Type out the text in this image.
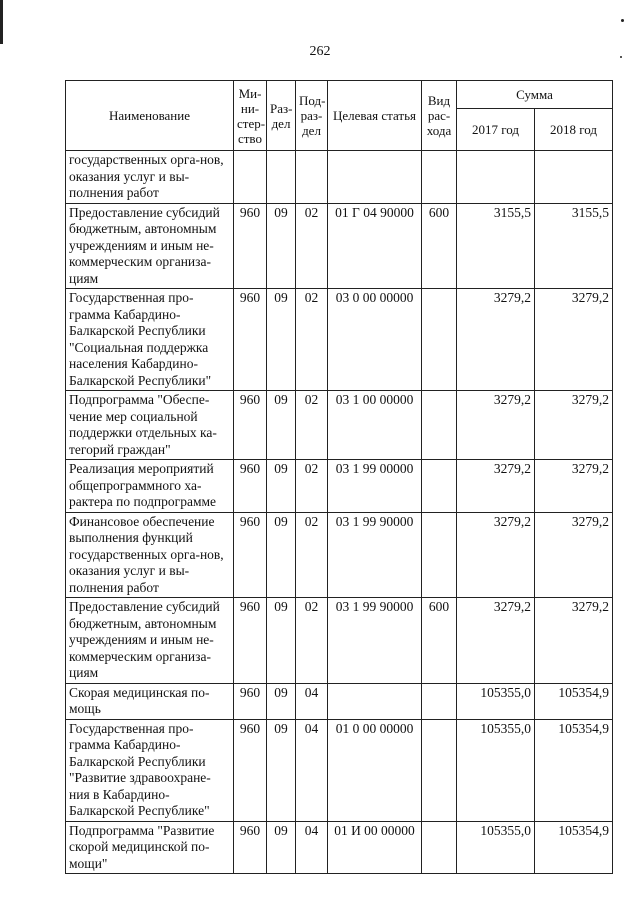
262
Наименование	Ми-ни-стер-ство	Раз-дел	Под-раз-дел	Целевая статья	Вид рас-хода	Сумма	
						2017 год	2018 год
государственных орга-нов, оказания услуг и вы-полнения работ							
Предоставление субсидий бюджетным, автономным учреждениям и иным не-коммерческим организа-циям	960	09	02	01 Г 04 90000	600	3155,5	3155,5
Государственная про-грамма Кабардино-Балкарской Республики "Социальная поддержка населения Кабардино-Балкарской Республики"	960	09	02	03 0 00 00000		3279,2	3279,2
Подпрограмма "Обеспе-чение мер социальной поддержки отдельных ка-тегорий граждан"	960	09	02	03 1 00 00000		3279,2	3279,2
Реализация мероприятий общепрограммного ха-рактера по подпрограмме	960	09	02	03 1 99 00000		3279,2	3279,2
Финансовое обеспечение выполнения функций государственных орга-нов, оказания услуг и вы-полнения работ	960	09	02	03 1 99 90000		3279,2	3279,2
Предоставление субсидий бюджетным, автономным учреждениям и иным не-коммерческим организа-циям	960	09	02	03 1 99 90000	600	3279,2	3279,2
Скорая медицинская по-мощь	960	09	04			105355,0	105354,9
Государственная про-грамма Кабардино-Балкарской Республики "Развитие здравоохране-ния в Кабардино-Балкарской Республике"	960	09	04	01 0 00 00000		105355,0	105354,9
Подпрограмма "Развитие скорой медицинской по-мощи"	960	09	04	01 И 00 00000		105355,0	105354,9
